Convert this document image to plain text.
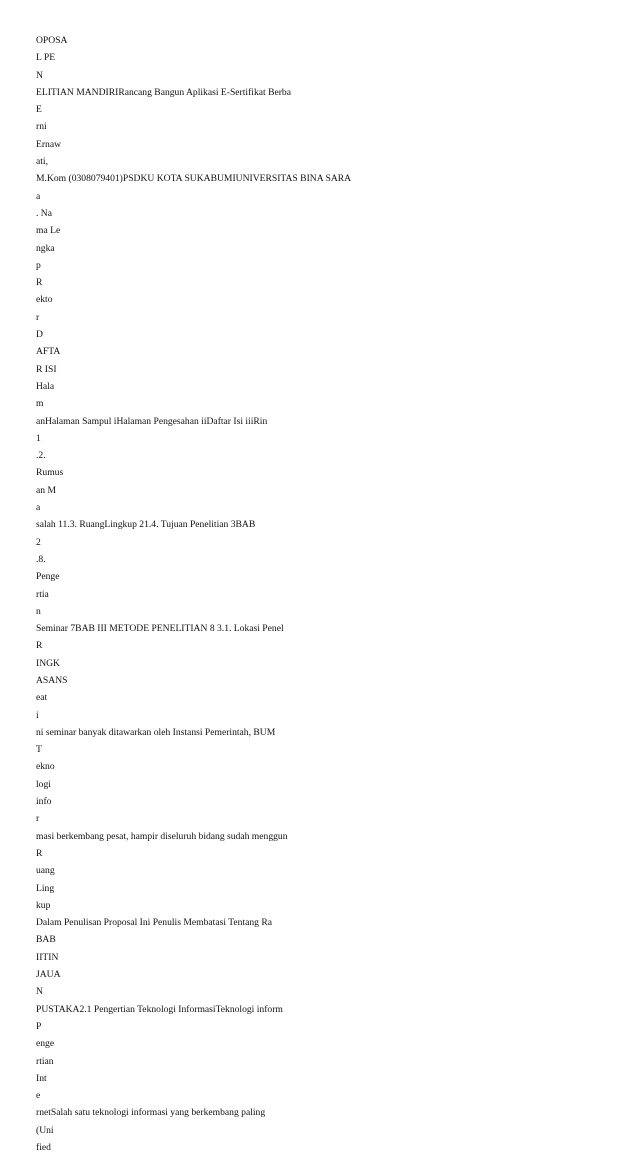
OPOSA
L PE
N
ELITIAN MANDIRIRancang Bangun Aplikasi E-Sertifikat Berba
E
rni
Ernaw
ati,
M.Kom (0308079401)PSDKU KOTA SUKABUMIUNIVERSITAS BINA SARA
a
. Na
ma Le
ngka
p
R
ekto
r
D
AFTA
R ISI
Hala
m
anHalaman Sampul iHalaman Pengesahan iiDaftar Isi iiiRin
1
.2.
Rumus
an M
a
salah 11.3. RuangLingkup 21.4. Tujuan Penelitian 3BAB
2
.8.
Penge
rtia
n
Seminar 7BAB III METODE PENELITIAN 8 3.1. Lokasi Penel
R
INGK
ASANS
eat
i
ni seminar banyak ditawarkan oleh Instansi Pemerintah, BUM
T
ekno
logi
info
r
masi berkembang pesat, hampir diseluruh bidang sudah menggun
R
uang
Ling
kup
Dalam Penulisan Proposal Ini Penulis Membatasi Tentang Ra
BAB
IITIN
JAUA
N
PUSTAKA2.1 Pengertian Teknologi InformasiTeknologi inform
P
enge
rtian
Int
e
rnetSalah satu teknologi informasi yang berkembang paling
(Uni
fied
